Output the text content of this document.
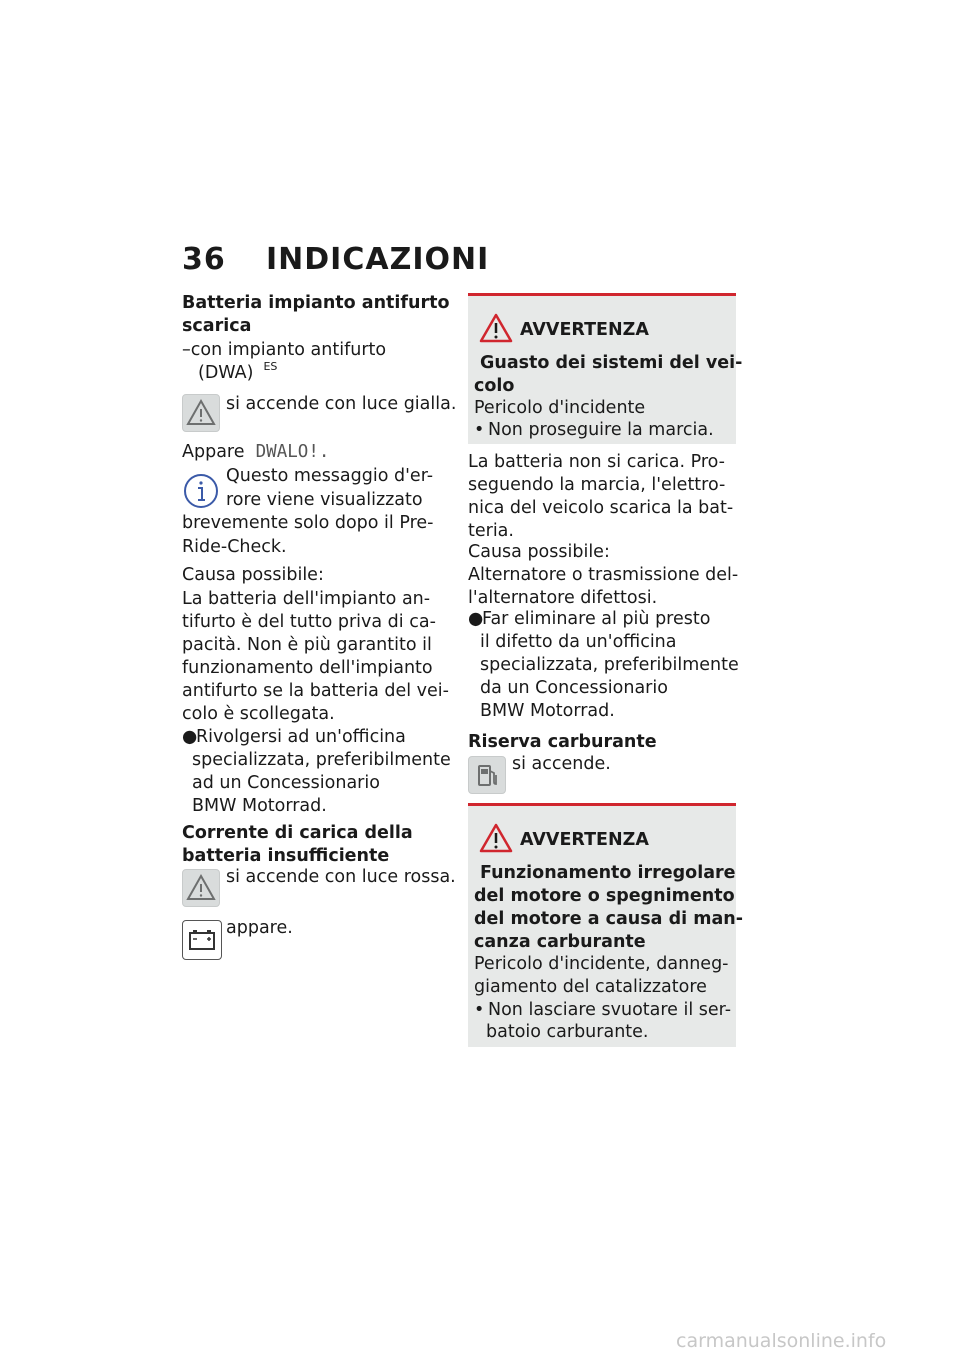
36 INDICAZIONI

Batteria impianto antifurto

scarica

–con impianto antifurto

(DWA) $^{ES}$

si accende con luce gialla.

Appare DWALO!.

Questo messaggio d'er-

rore viene visualizzato

brevemente solo dopo il Pre-

Ride-Check.

Causa possibile:

La batteria dell'impianto an-

tifurto è del tutto priva di ca-

pacità. Non è più garantito il

funzionamento dell'impianto

antifurto se la batteria del vei-

colo è scollegata.

●Rivolgersi ad un'officina

specializzata, preferibilmente

ad un Concessionario

BMW Motorrad.

Corrente di carica della

batteria insufficiente

si accende con luce rossa.

appare.

AVVERTENZA

Guasto dei sistemi del vei-

colo

Pericolo d'incidente

• Non proseguire la marcia.

La batteria non si carica. Pro-

seguendo la marcia, l'elettro-

nica del veicolo scarica la bat-

teria.

Causa possibile:

Alternatore o trasmissione del-

l'alternatore difettosi.

●Far eliminare al più presto

il difetto da un'officina

specializzata, preferibilmente

da un Concessionario

BMW Motorrad.

Riserva carburante

si accende.

AVVERTENZA

Funzionamento irregolare

del motore o spegnimento

del motore a causa di man-

canza carburante

Pericolo d'incidente, danneg-

giamento del catalizzatore

• Non lasciare svuotare il ser-

batoio carburante.

carmanualsonline.info
